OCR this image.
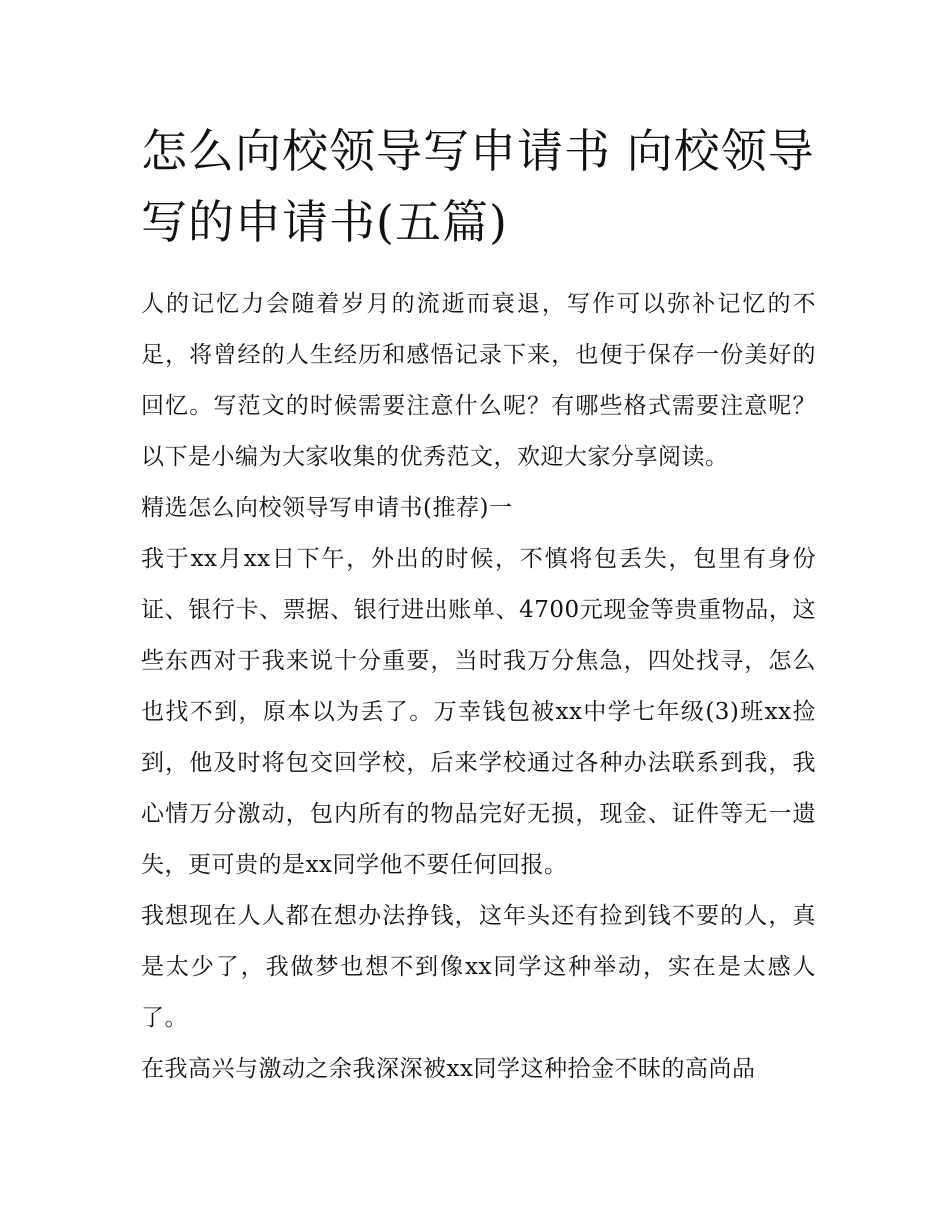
怎么向校领导写申请书 向校领导写的申请书(五篇)

人的记忆力会随着岁月的流逝而衰退，写作可以弥补记忆的不足，将曾经的人生经历和感悟记录下来，也便于保存一份美好的回忆。写范文的时候需要注意什么呢？有哪些格式需要注意呢？以下是小编为大家收集的优秀范文，欢迎大家分享阅读。

精选怎么向校领导写申请书(推荐)一

我于xx月xx日下午，外出的时候，不慎将包丢失，包里有身份证、银行卡、票据、银行进出账单、4700元现金等贵重物品，这些东西对于我来说十分重要，当时我万分焦急，四处找寻，怎么也找不到，原本以为丢了。万幸钱包被xx中学七年级(3)班xx捡到，他及时将包交回学校，后来学校通过各种办法联系到我，我心情万分激动，包内所有的物品完好无损，现金、证件等无一遗失，更可贵的是xx同学他不要任何回报。

我想现在人人都在想办法挣钱，这年头还有捡到钱不要的人，真是太少了，我做梦也想不到像xx同学这种举动，实在是太感人了。

在我高兴与激动之余我深深被xx同学这种拾金不昧的高尚品
